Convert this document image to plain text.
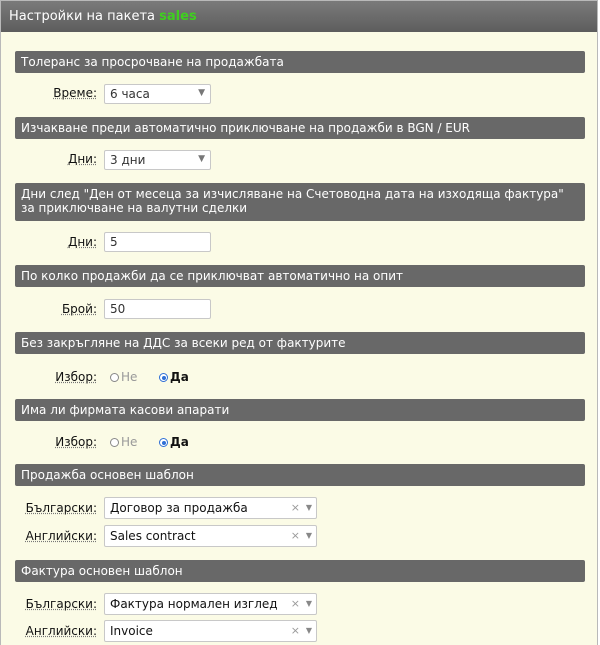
Настройки на пакета sales
Толеранс за просрочване на продажбата
Време: 6 часа	▼
Изчакване преди автоматично приключване на продажби в BGN / EUR
Дни: 3 дни	▼
Дни след "Ден от месеца за изчисляване на Счетоводна дата на изходяща фактура" за приключване на валутни сделки
Дни: 5
По колко продажби да се приключват автоматично на опит
Брой: 50
Без закръгляне на ДДС за всеки ред от фактурите
Избор:	Не	Да
Има ли фирмата касови апарати
Избор:	Не	Да
Продажба основен шаблон
Български: Договор за продажба	× ▼
Английски: Sales contract	× ▼
Фактура основен шаблон
Български: Фактура нормален изглед × ▼
Английски: Invoice	× ▼
